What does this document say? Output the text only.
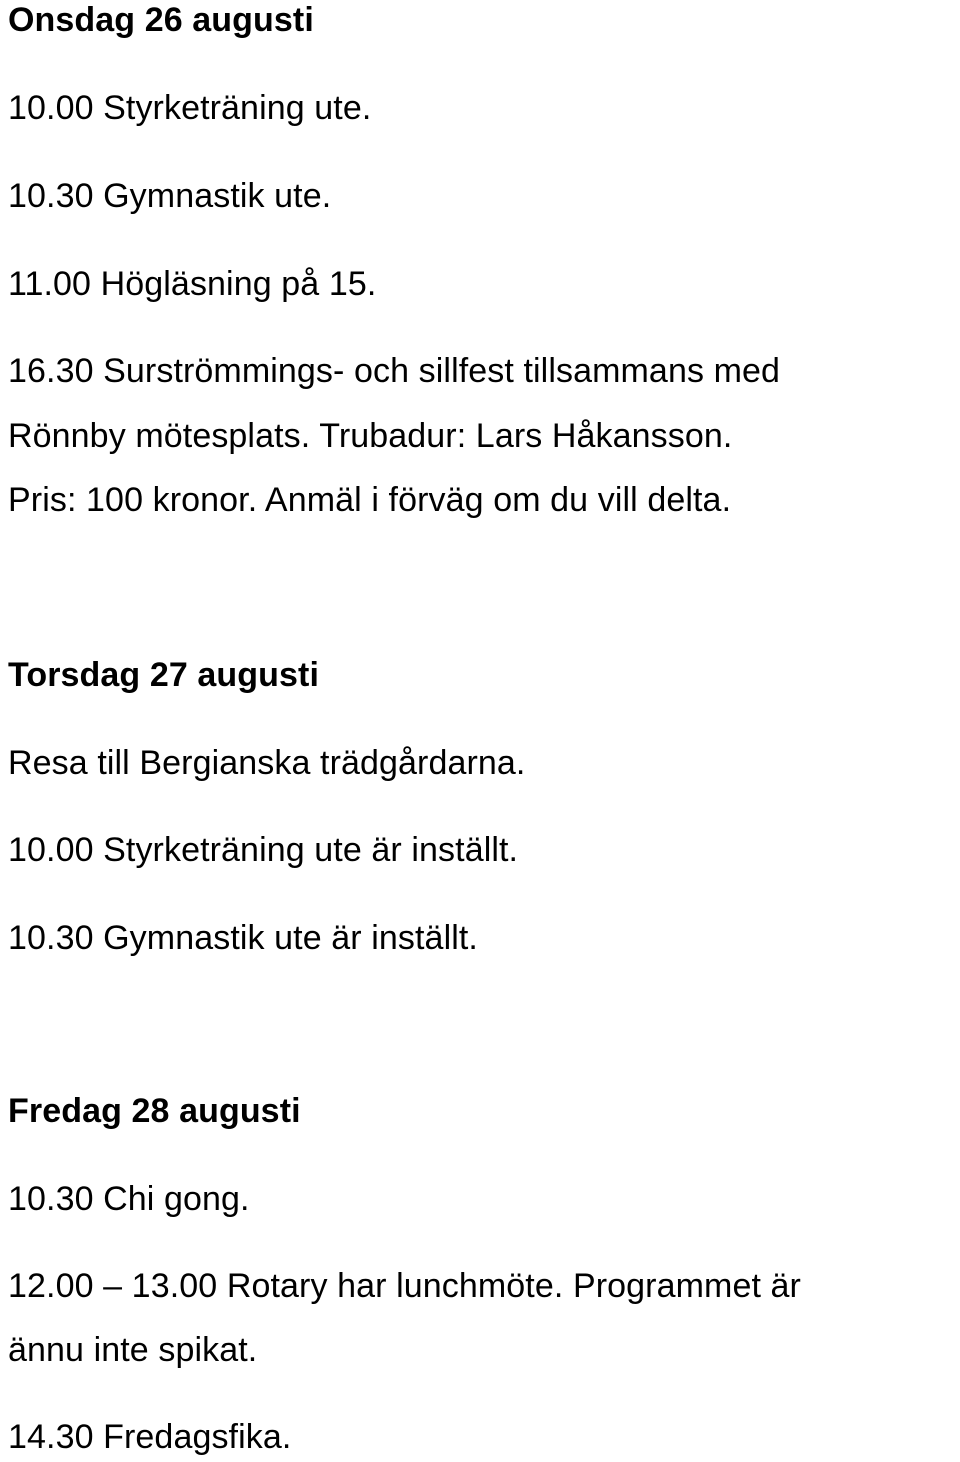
Onsdag 26 augusti

10.00 Styrketräning ute.

10.30 Gymnastik ute.

11.00 Högläsning på 15.

16.30 Surströmmings- och sillfest tillsammans med

Rönnby mötesplats. Trubadur: Lars Håkansson.

Pris: 100 kronor. Anmäl i förväg om du vill delta.

Torsdag 27 augusti

Resa till Bergianska trädgårdarna.

10.00 Styrketräning ute är inställt.

10.30 Gymnastik ute är inställt.

Fredag 28 augusti

10.30 Chi gong.

12.00 – 13.00 Rotary har lunchmöte. Programmet är

ännu inte spikat.

14.30 Fredagsfika.
